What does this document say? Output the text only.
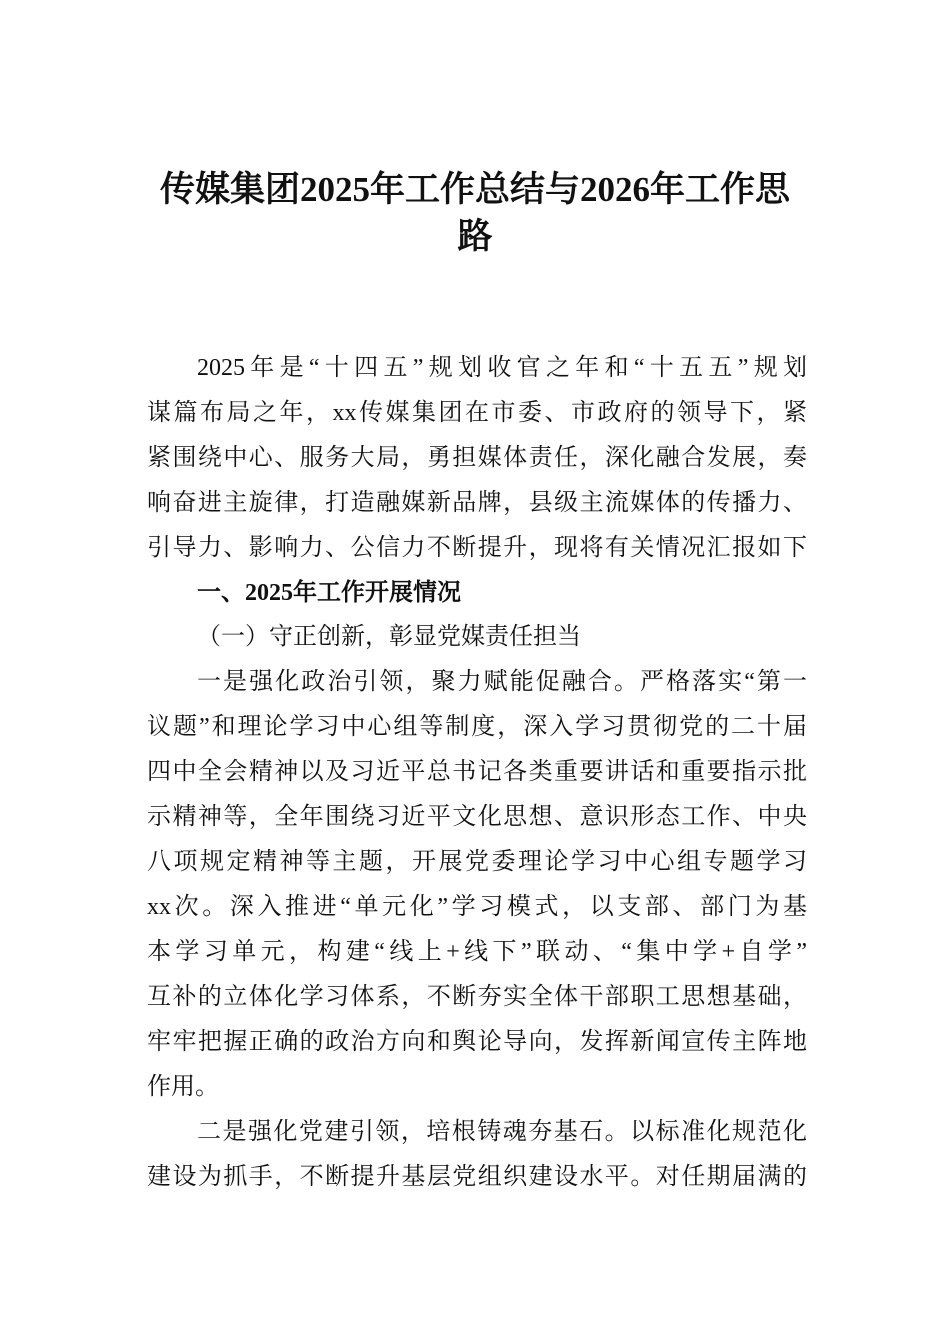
传媒集团2025年工作总结与2026年工作思
路
2025年是“十四五”规划收官之年和“十五五”规划
谋篇布局之年，xx传媒集团在市委、市政府的领导下，紧
紧围绕中心、服务大局，勇担媒体责任，深化融合发展，奏
响奋进主旋律，打造融媒新品牌，县级主流媒体的传播力、
引导力、影响力、公信力不断提升，现将有关情况汇报如下
一、2025年工作开展情况
（一）守正创新，彰显党媒责任担当
一是强化政治引领，聚力赋能促融合。严格落实“第一
议题”和理论学习中心组等制度，深入学习贯彻党的二十届
四中全会精神以及习近平总书记各类重要讲话和重要指示批
示精神等，全年围绕习近平文化思想、意识形态工作、中央
八项规定精神等主题，开展党委理论学习中心组专题学习
xx次。深入推进“单元化”学习模式，以支部、部门为基
本学习单元，构建“线上+线下”联动、“集中学+自学”
互补的立体化学习体系，不断夯实全体干部职工思想基础，
牢牢把握正确的政治方向和舆论导向，发挥新闻宣传主阵地
作用。
二是强化党建引领，培根铸魂夯基石。以标准化规范化
建设为抓手，不断提升基层党组织建设水平。对任期届满的
